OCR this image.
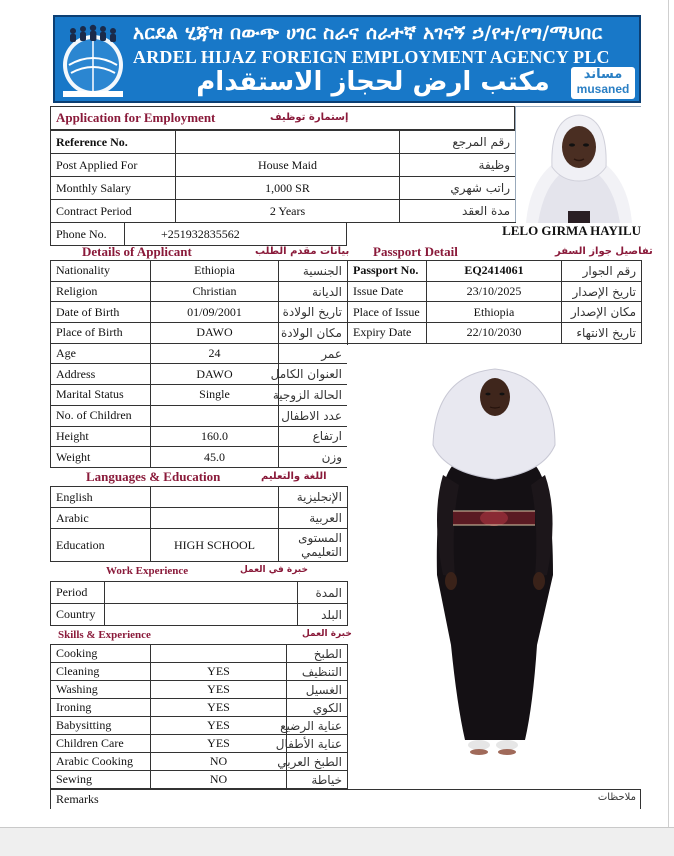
አርደል ሂጃዝ በውጭ ሀገር ስራና ሰራተኛ አገናኝ ኃ/የተ/የግ/ማህበር
ARDEL HIJAZ FOREIGN EMPLOYMENT AGENCY PLC
مكتب ارض لحجاز الاستقدام	مساند
musaned
Application for Employment	إستمارة توظيف
Reference No.		رقم المرجع
Post Applied For	House Maid	وظيفة
Monthly Salary	1,000 SR	راتب شهري
Contract Period	2 Years	مدة العقد
Phone No.	+251932835562	LELO GIRMA HAYILU
Details of Applicant	بيانات مقدم الطلب
Nationality	Ethiopia	الجنسية
Religion	Christian	الديانة
Date of Birth	01/09/2001	تاريخ الولادة
Place of Birth	DAWO	مكان الولادة
Age	24	عمر
Address	DAWO	العنوان الكامل
Marital Status	Single	الحالة الزوجية
No. of Children		عدد الاطفال
Height	160.0	ارتفاع
Weight	45.0	وزن
Passport Detail	تفاصيل جواز السفر
Passport No.	EQ2414061	رقم الجوار
Issue Date	23/10/2025	تاريخ الإصدار
Place of Issue	Ethiopia	مكان الإصدار
Expiry Date	22/10/2030	تاريخ الانتهاء
Languages & Education	اللغة والتعليم
English		الإنجليزية
Arabic		العربية
Education	HIGH SCHOOL	المستوى التعليمي
Work Experience	خبرة في العمل
Period		المدة
Country		البلد
Skills & Experience	خبرة العمل
Cooking		الطبخ
Cleaning	YES	التنظيف
Washing	YES	الغسيل
Ironing	YES	الكوي
Babysitting	YES	عناية الرضيع
Children Care	YES	عناية الأطفال
Arabic Cooking	NO	الطبخ العربي
Sewing	NO	خياطة
Remarks	ملاحظات
